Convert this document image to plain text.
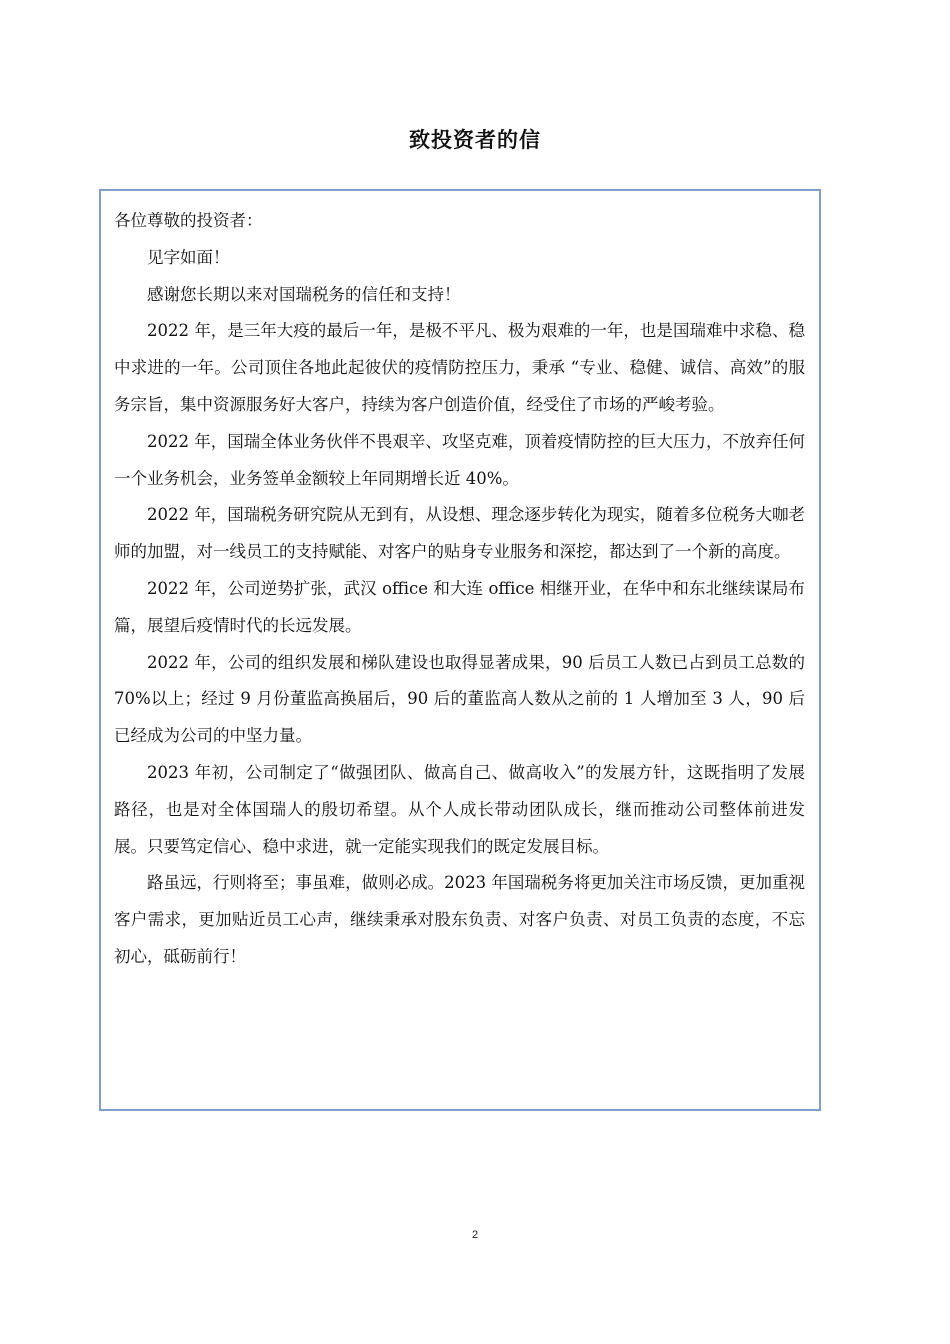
致投资者的信

各位尊敬的投资者：

见字如面！

感谢您长期以来对国瑞税务的信任和支持！

2022 年，是三年大疫的最后一年，是极不平凡、极为艰难的一年，也是国瑞难中求稳、稳中求进的一年。公司顶住各地此起彼伏的疫情防控压力，秉承 “专业、稳健、诚信、高效”的服务宗旨，集中资源服务好大客户，持续为客户创造价值，经受住了市场的严峻考验。

2022 年，国瑞全体业务伙伴不畏艰辛、攻坚克难，顶着疫情防控的巨大压力，不放弃任何一个业务机会，业务签单金额较上年同期增长近 40%。

2022 年，国瑞税务研究院从无到有，从设想、理念逐步转化为现实，随着多位税务大咖老师的加盟，对一线员工的支持赋能、对客户的贴身专业服务和深挖，都达到了一个新的高度。

2022 年，公司逆势扩张，武汉 office 和大连 office 相继开业，在华中和东北继续谋局布篇，展望后疫情时代的长远发展。

2022 年，公司的组织发展和梯队建设也取得显著成果，90 后员工人数已占到员工总数的 70%以上；经过 9 月份董监高换届后，90 后的董监高人数从之前的 1 人增加至 3 人，90 后已经成为公司的中坚力量。

2023 年初，公司制定了“做强团队、做高自己、做高收入”的发展方针，这既指明了发展路径，也是对全体国瑞人的殷切希望。从个人成长带动团队成长，继而推动公司整体前进发展。只要笃定信心、稳中求进，就一定能实现我们的既定发展目标。

路虽远，行则将至；事虽难，做则必成。2023 年国瑞税务将更加关注市场反馈，更加重视客户需求，更加贴近员工心声，继续秉承对股东负责、对客户负责、对员工负责的态度，不忘初心，砥砺前行！

2
